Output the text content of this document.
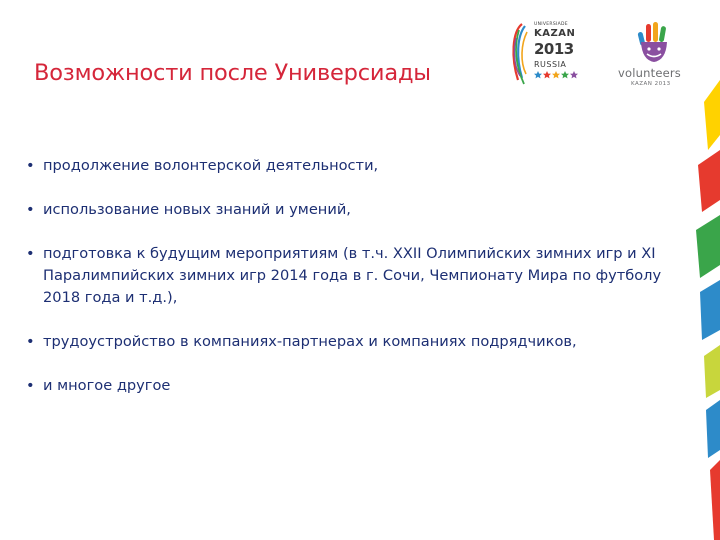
Возможности после Универсиады
UNIVERSIADE
KAZAN
2013
RUSSIA
volunteers
KAZAN 2013
• продолжение волонтерской деятельности,
• использование новых знаний и умений,
• подготовка к будущим мероприятиям (в т.ч. XXII Олимпийских зимних игр и XI Паралимпийских зимних игр 2014 года в г. Сочи, Чемпионату Мира по футболу 2018 года и т.д.),
• трудоустройство в компаниях-партнерах и компаниях подрядчиков,
• и многое другое
